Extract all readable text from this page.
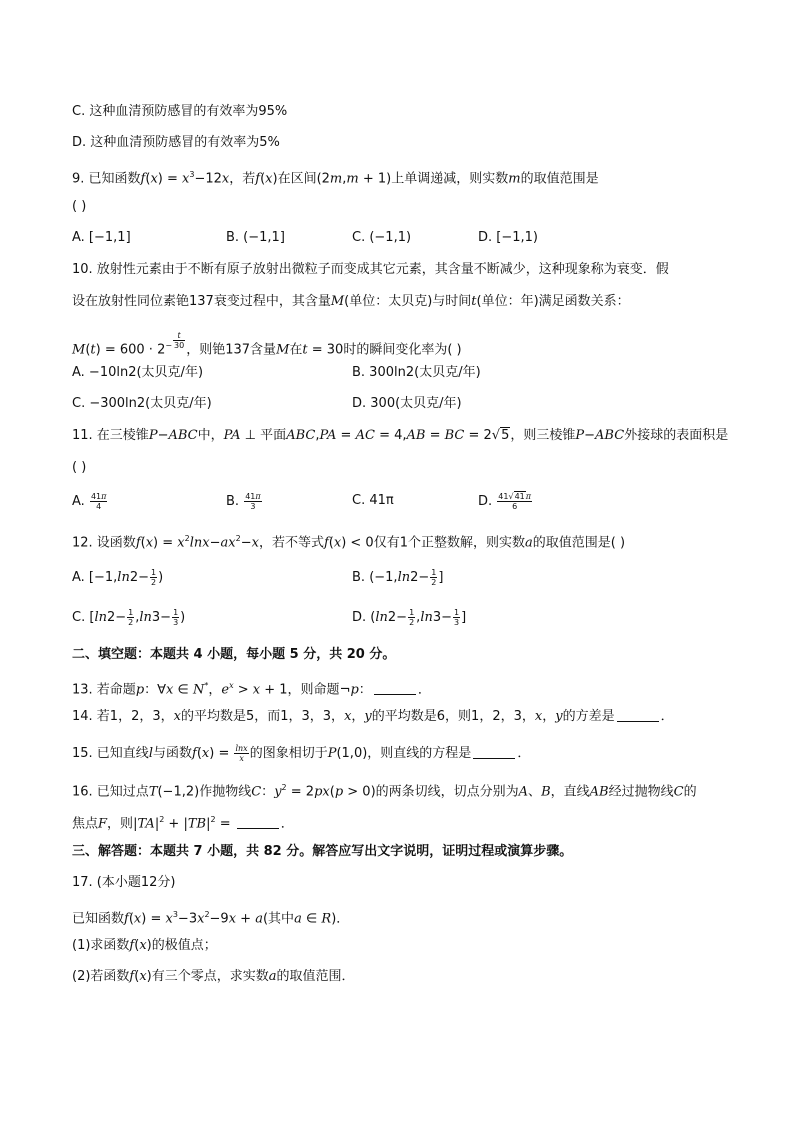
C. 这种血清预防感冒的有效率为95%
D. 这种血清预防感冒的有效率为5%
9. 已知函数$f(x) = x^3-12x$，若f(x)在区间(2m,m + 1)上单调递减，则实数m的取值范围是
( )
A. [−1,1]	B. (−1,1]	C. (−1,1)	D. [−1,1)
10. 放射性元素由于不断有原子放射出微粒子而变成其它元素，其含量不断减少，这种现象称为衰变．假
设在放射性同位素铯137衰变过程中，其含量M(单位：太贝克)与时间t(单位：年)满足函数关系：
$M(t) = 600 \cdot 2^{- \frac{t}{30}}$ ，则铯137含量M在t = 30时的瞬间变化率为( )
A. −10ln2(太贝克/年)	B. 300ln2(太贝克/年)
C. −300ln2(太贝克/年)	D. 300(太贝克/年)
11. 在三棱锥P−ABC中，PA ⊥ 平面ABC,PA = AC = 4,AB = BC = 2√5，则三棱锥P−ABC外接球的表面积是
( )
A. $\frac{41\pi}{4}$	B. $\frac{41\pi}{3}$	C. 41π	D. $\frac{41√41\pi}{6}$
12. 设函数$f(x) = x^2\ln x-ax^2-x$，若不等式f(x) < 0仅有1个正整数解，则实数a的取值范围是( )
A. [$-1,\ln 2- \frac{1}{2}$ )	B. ($-1,\ln 2- \frac{1}{2}$ ]
C. [$\ln 2- \frac{1}{2} ,\ln 3- \frac{1}{3}$ )	D. ($\ln 2- \frac{1}{2} ,\ln 3- \frac{1}{3}$ ]
二、填空题：本题共 4 小题，每小题 5 分，共 20 分。
13. 若命题p：∀x ∈ N*，$e^x > x + 1$，则命题¬p：	．
14. 若1，2，3，x的平均数是5，而1，3，3，x，y的平均数是6，则1，2，3，x，y的方差是	．
15. 已知直线l与函数$f(x) = \frac{\ln x}{x}$ 的图象相切于P(1,0)，则直线的方程是	．
16. 已知过点T(−1,2)作抛物线C：$y^2 = 2px(p > 0)$的两条切线，切点分别为A、B，直线AB经过抛物线C的
焦点F，则$|TA|^2 + |TB|^2$ =	．
三、解答题：本题共 7 小题，共 82 分。解答应写出文字说明，证明过程或演算步骤。
17. (本小题12分)
已知函数$f(x) = x^3-3x^2-9x + a$(其中a ∈ R)．
(1)求函数f(x)的极值点；
(2)若函数f(x)有三个零点，求实数a的取值范围．
